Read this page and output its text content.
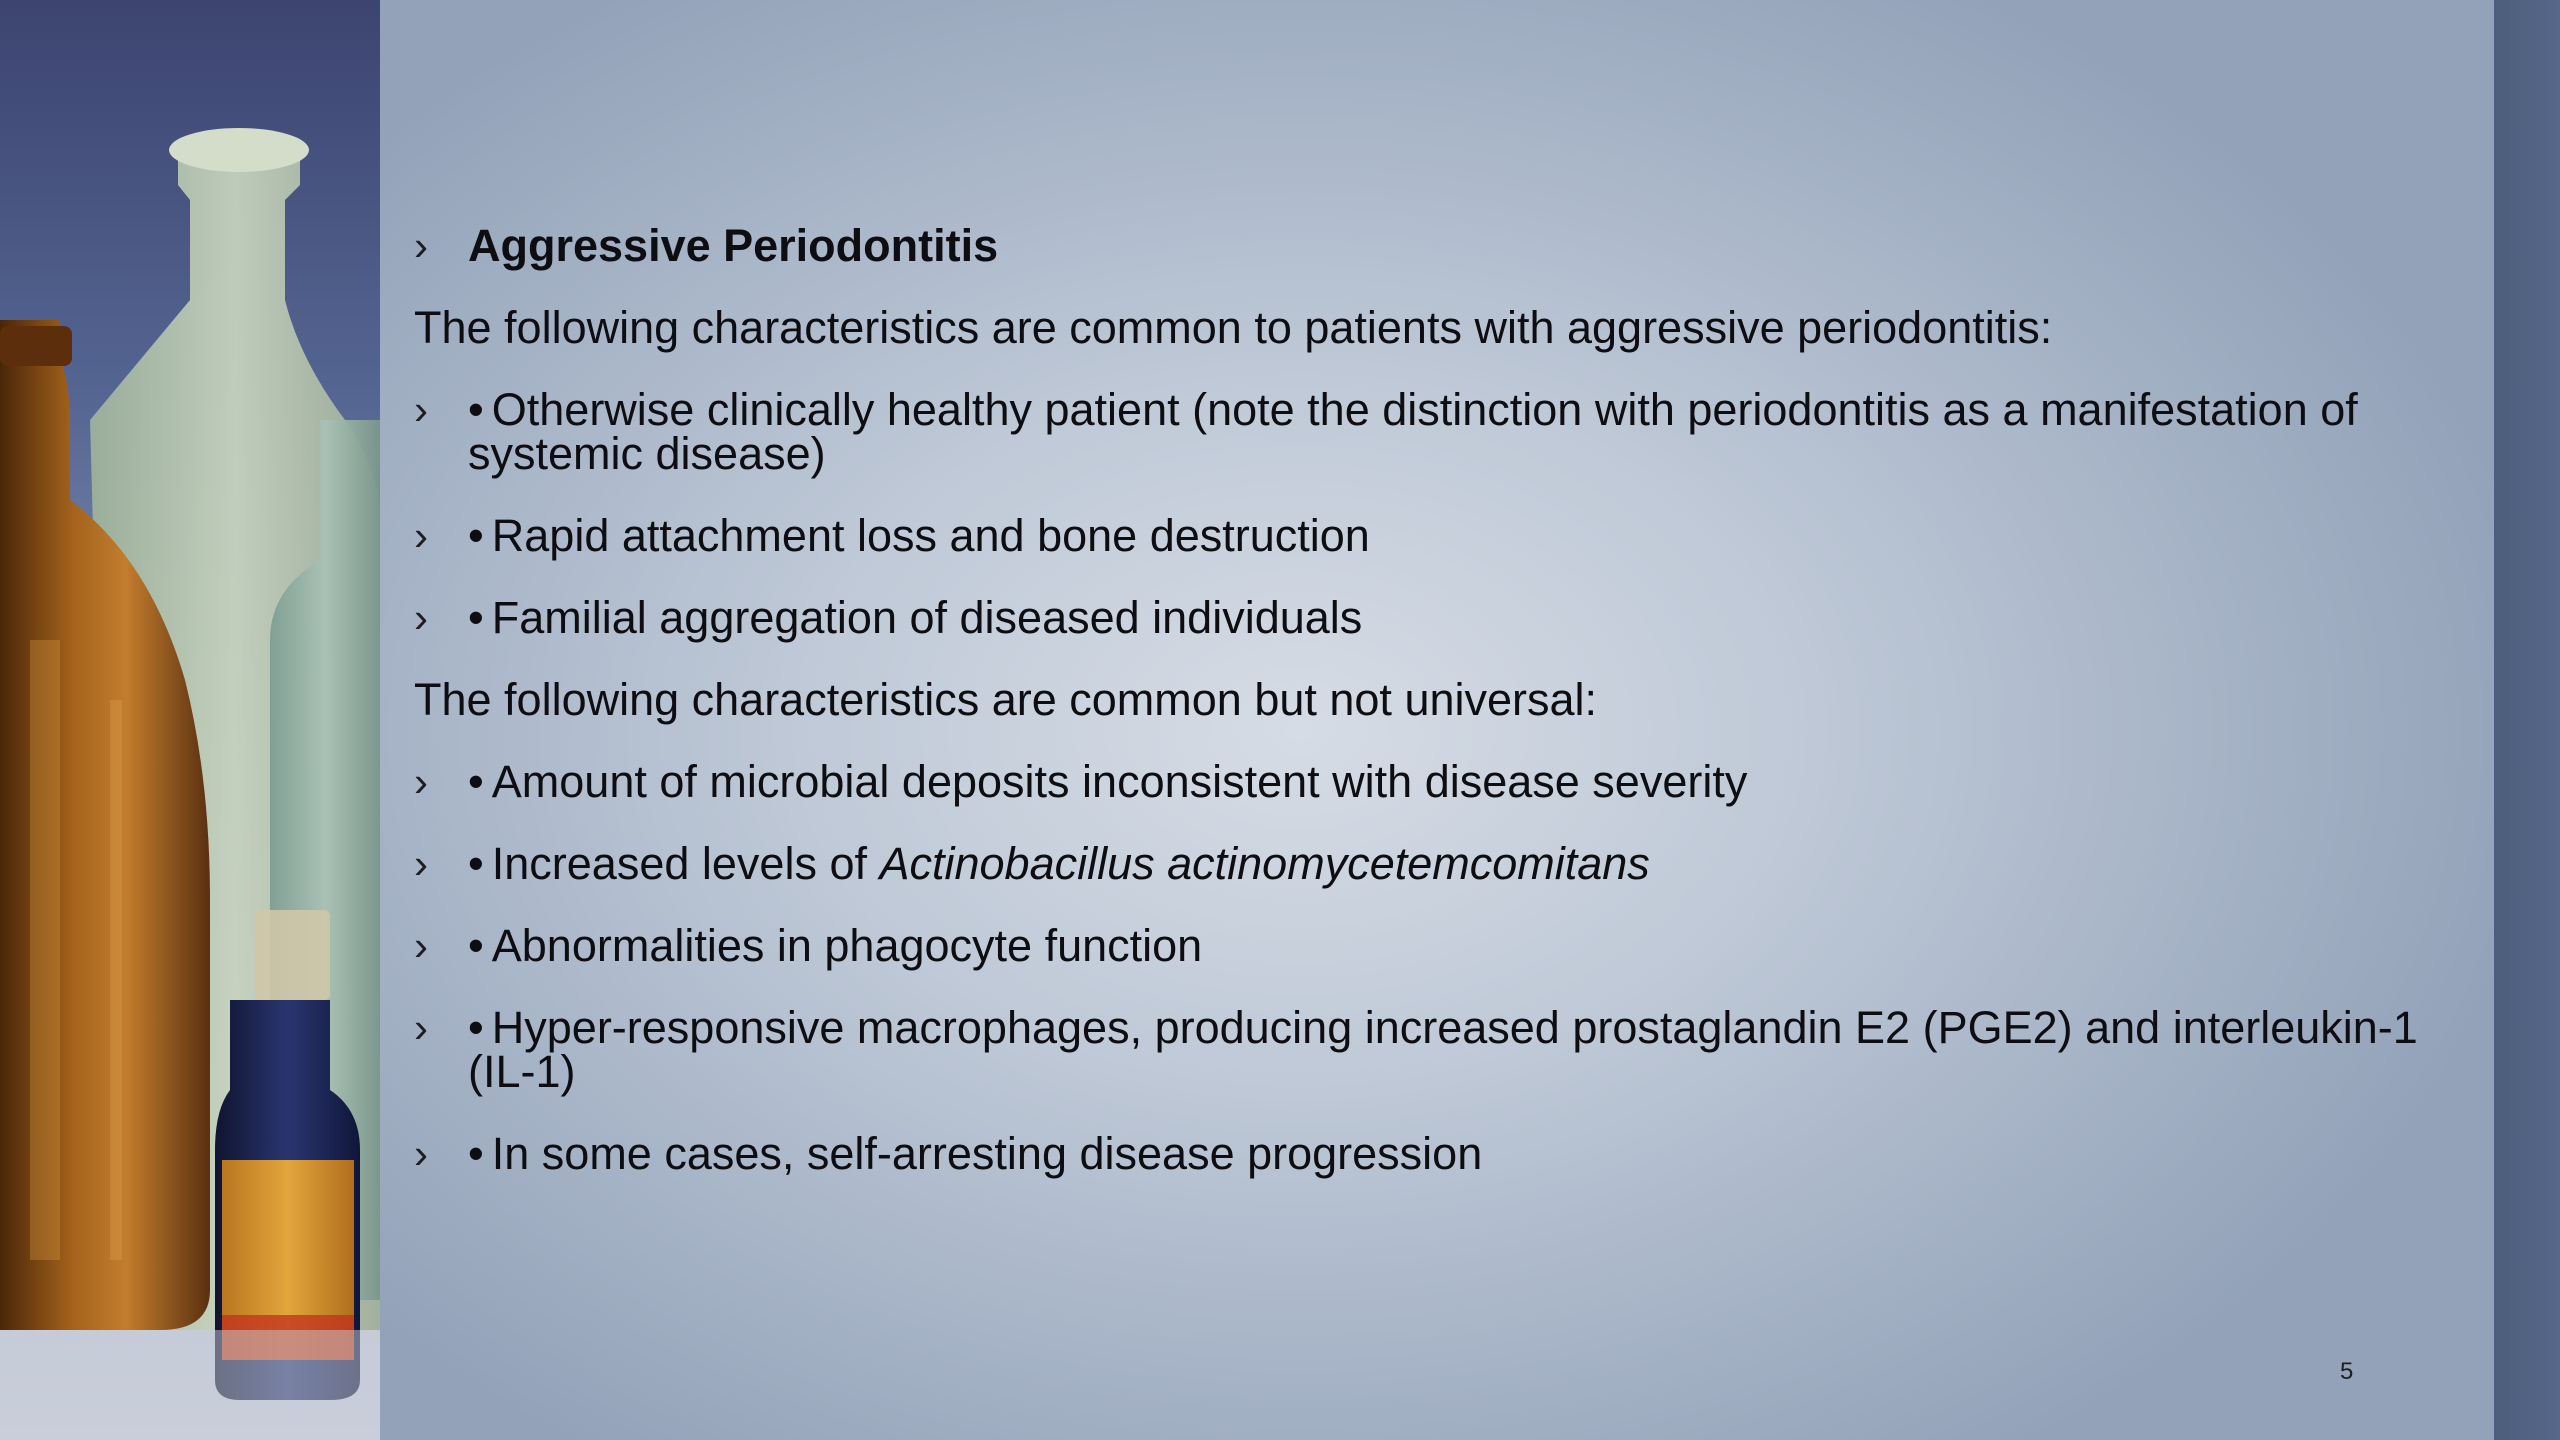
› Aggressive Periodontitis
The following characteristics are common to patients with aggressive periodontitis:
› • Otherwise clinically healthy patient (note the distinction with periodontitis as a manifestation of systemic disease)
› • Rapid attachment loss and bone destruction
› • Familial aggregation of diseased individuals
The following characteristics are common but not universal:
› • Amount of microbial deposits inconsistent with disease severity
› • Increased levels of Actinobacillus actinomycetemcomitans
› • Abnormalities in phagocyte function
› • Hyper-responsive macrophages, producing increased prostaglandin E2 (PGE2) and interleukin-1 (IL-1)
› • In some cases, self-arresting disease progression
5
